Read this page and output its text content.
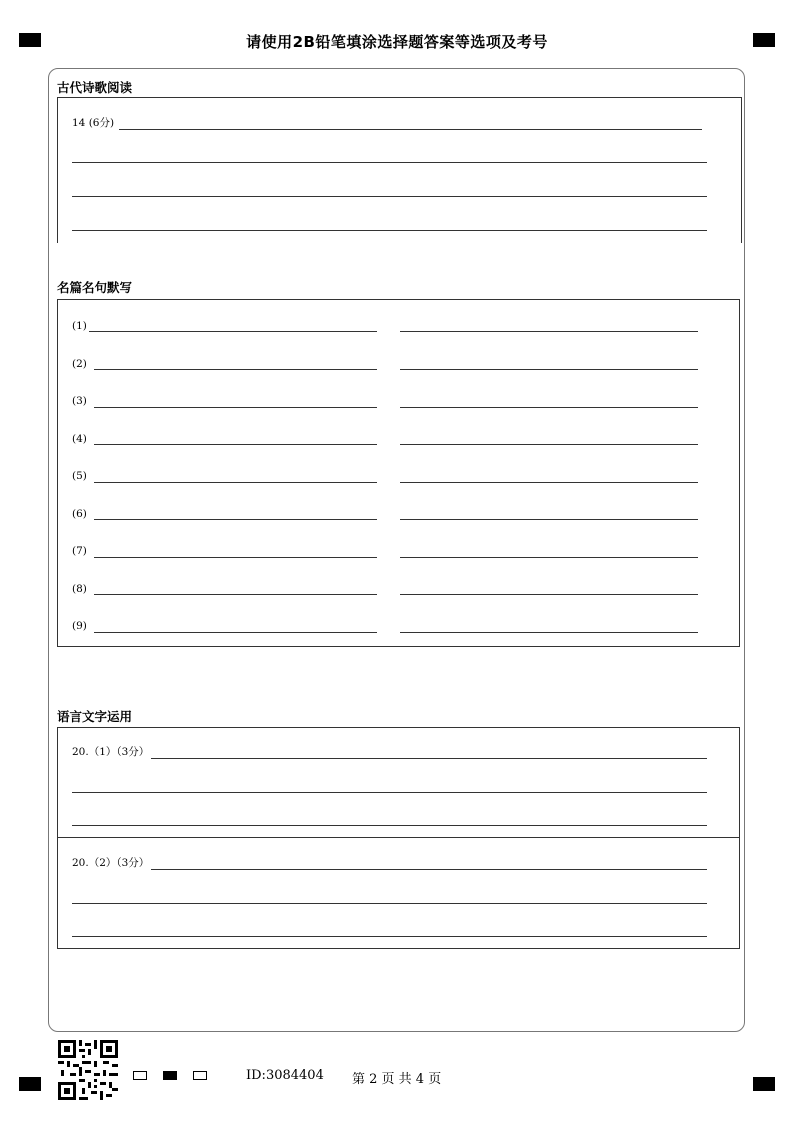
请使用2B铅笔填涂选择题答案等选项及考号
古代诗歌阅读
14 (6分)
名篇名句默写
(1)
(2)
(3)
(4)
(5)
(6)
(7)
(8)
(9)
语言文字运用
20.（1）（3分）
20.（2）（3分）
ID:3084404 第 2 页 共 4 页
